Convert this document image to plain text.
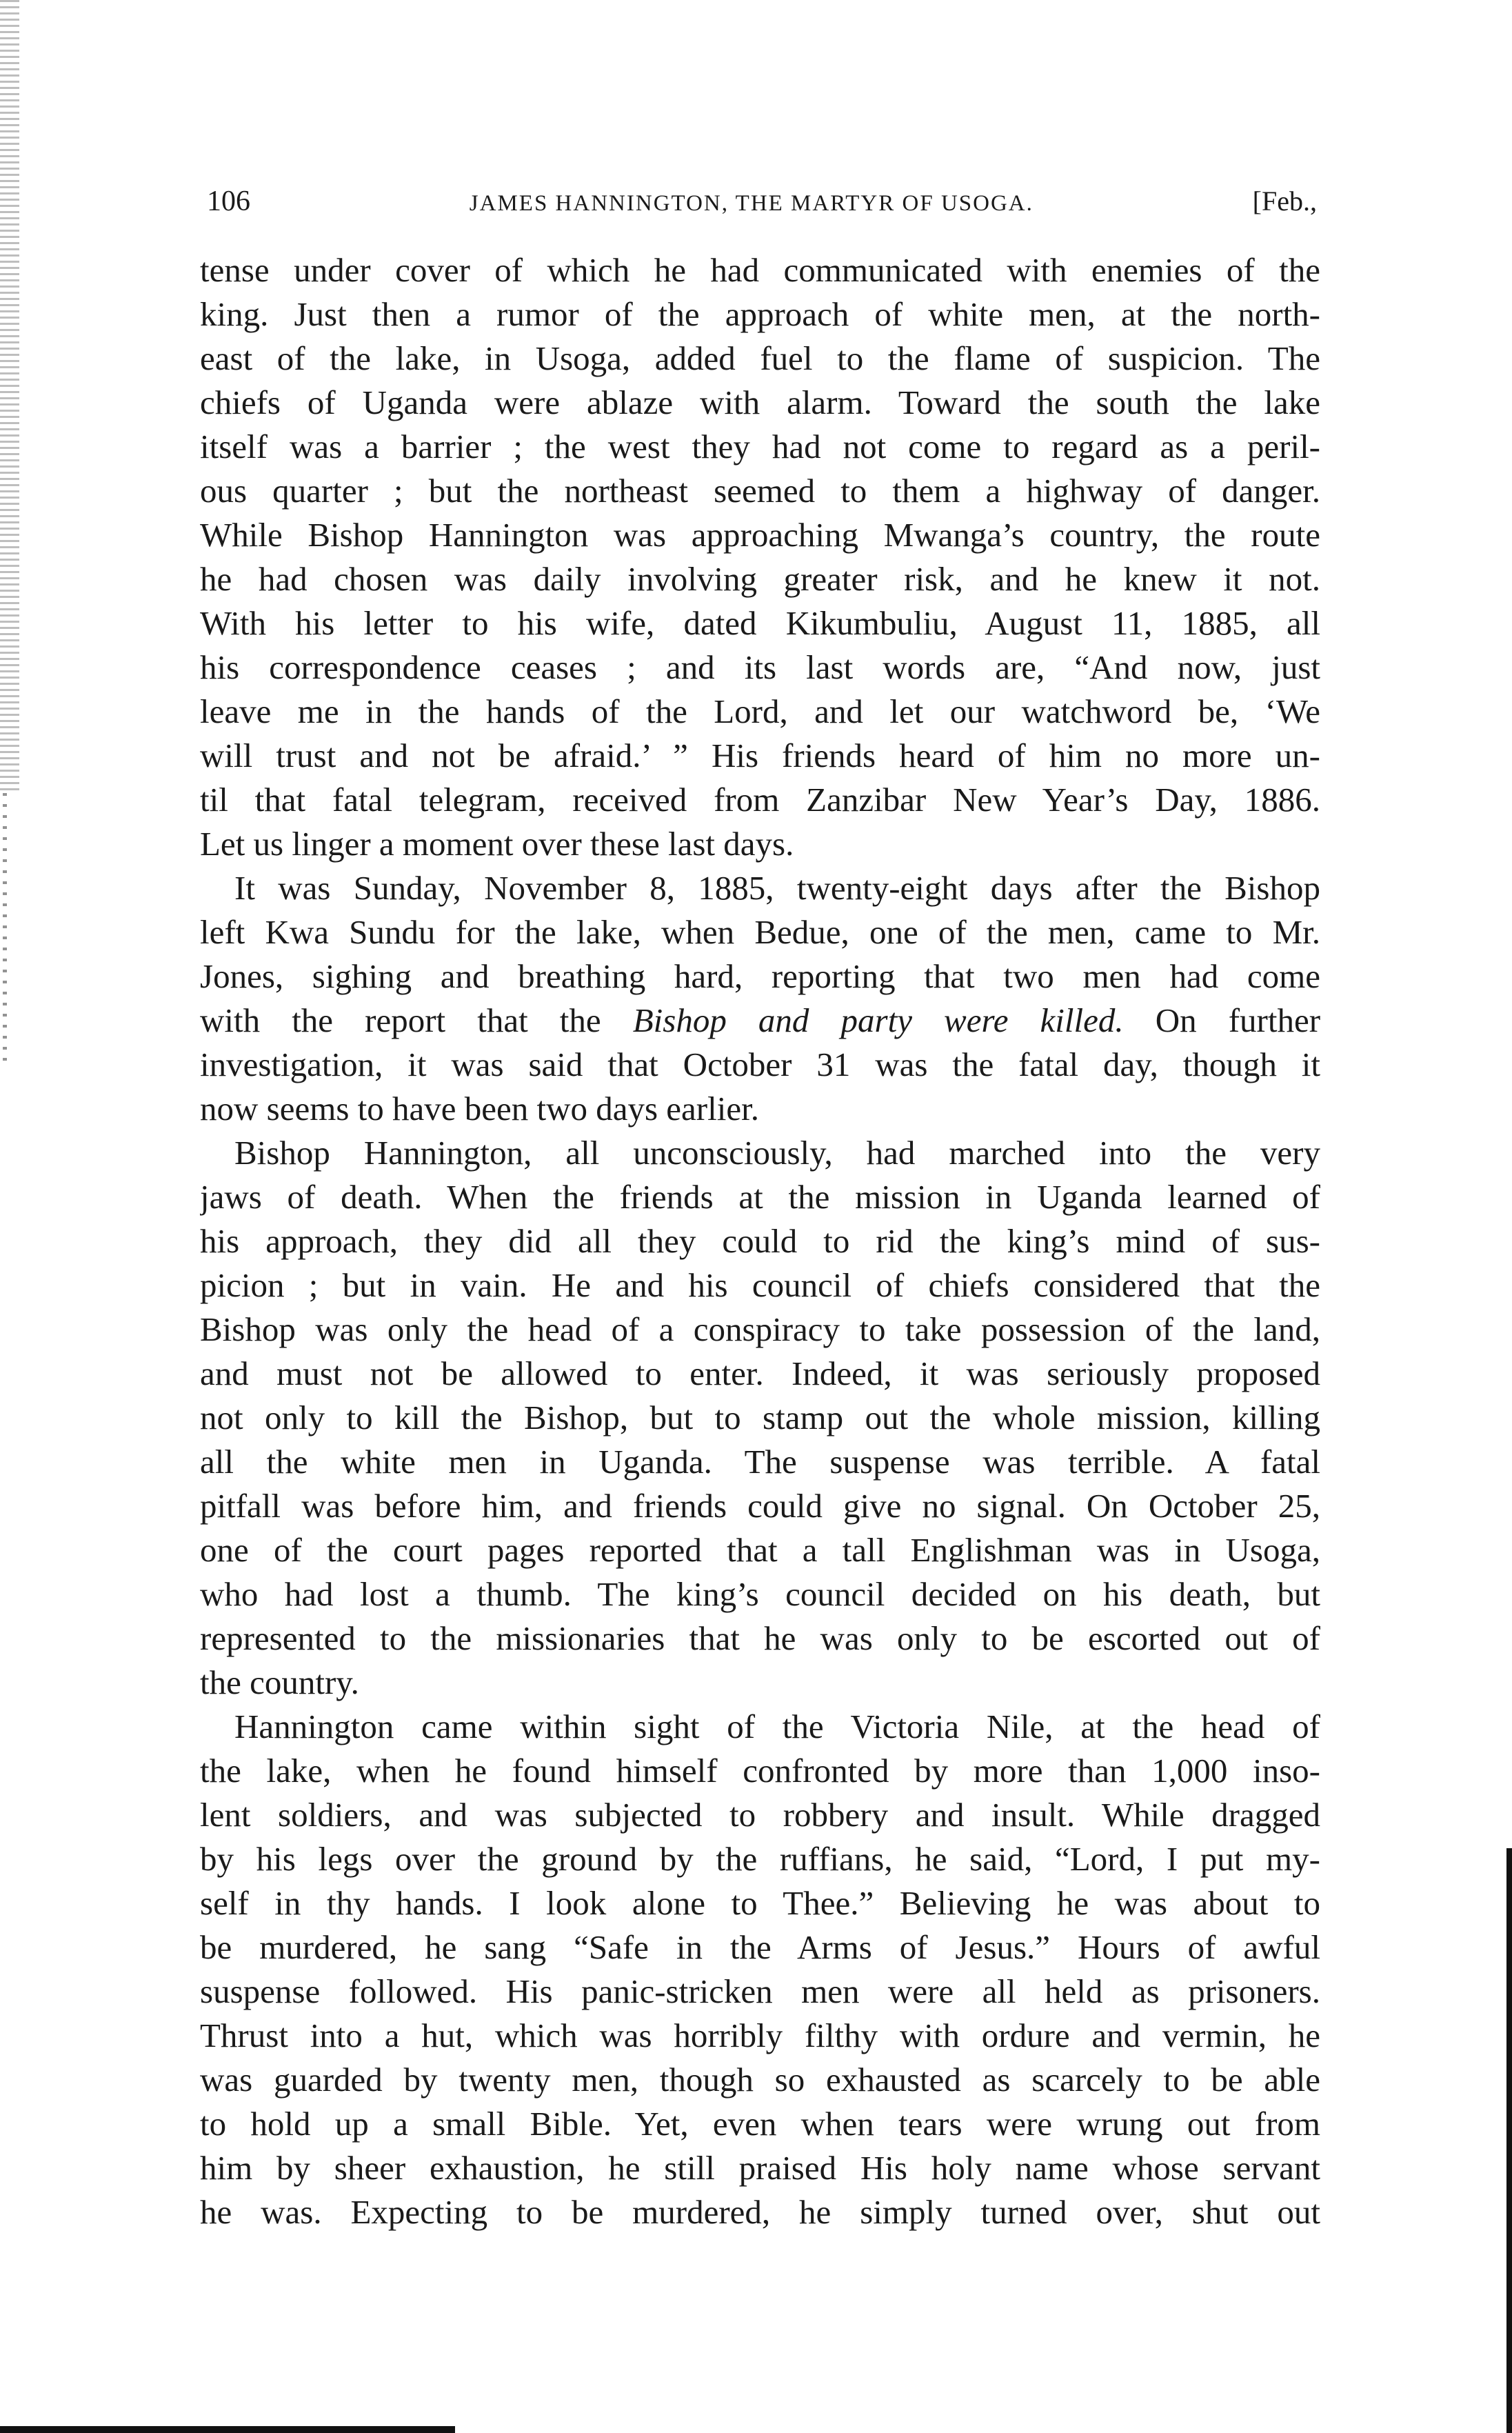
106	JAMES HANNINGTON, THE MARTYR OF USOGA.	[Feb.,
tense under cover of which he had communicated with enemies of the
king. Just then a rumor of the approach of white men, at the north-
east of the lake, in Usoga, added fuel to the flame of suspicion. The
chiefs of Uganda were ablaze with alarm. Toward the south the lake
itself was a barrier ; the west they had not come to regard as a peril-
ous quarter ; but the northeast seemed to them a highway of danger.
While Bishop Hannington was approaching Mwanga’s country, the route
he had chosen was daily involving greater risk, and he knew it not.
With his letter to his wife, dated Kikumbuliu, August 11, 1885, all
his correspondence ceases ; and its last words are, “And now, just
leave me in the hands of the Lord, and let our watchword be, ‘We
will trust and not be afraid.’ ” His friends heard of him no more un-
til that fatal telegram, received from Zanzibar New Year’s Day, 1886.
Let us linger a moment over these last days.
It was Sunday, November 8, 1885, twenty-eight days after the Bishop
left Kwa Sundu for the lake, when Bedue, one of the men, came to Mr.
Jones, sighing and breathing hard, reporting that two men had come
with the report that the Bishop and party were killed. On further
investigation, it was said that October 31 was the fatal day, though it
now seems to have been two days earlier.
Bishop Hannington, all unconsciously, had marched into the very
jaws of death. When the friends at the mission in Uganda learned of
his approach, they did all they could to rid the king’s mind of sus-
picion ; but in vain. He and his council of chiefs considered that the
Bishop was only the head of a conspiracy to take possession of the land,
and must not be allowed to enter. Indeed, it was seriously proposed
not only to kill the Bishop, but to stamp out the whole mission, killing
all the white men in Uganda. The suspense was terrible. A fatal
pitfall was before him, and friends could give no signal. On October 25,
one of the court pages reported that a tall Englishman was in Usoga,
who had lost a thumb. The king’s council decided on his death, but
represented to the missionaries that he was only to be escorted out of
the country.
Hannington came within sight of the Victoria Nile, at the head of
the lake, when he found himself confronted by more than 1,000 inso-
lent soldiers, and was subjected to robbery and insult. While dragged
by his legs over the ground by the ruffians, he said, “Lord, I put my-
self in thy hands. I look alone to Thee.” Believing he was about to
be murdered, he sang “Safe in the Arms of Jesus.” Hours of awful
suspense followed. His panic-stricken men were all held as prisoners.
Thrust into a hut, which was horribly filthy with ordure and vermin, he
was guarded by twenty men, though so exhausted as scarcely to be able
to hold up a small Bible. Yet, even when tears were wrung out from
him by sheer exhaustion, he still praised His holy name whose servant
he was. Expecting to be murdered, he simply turned over, shut out
